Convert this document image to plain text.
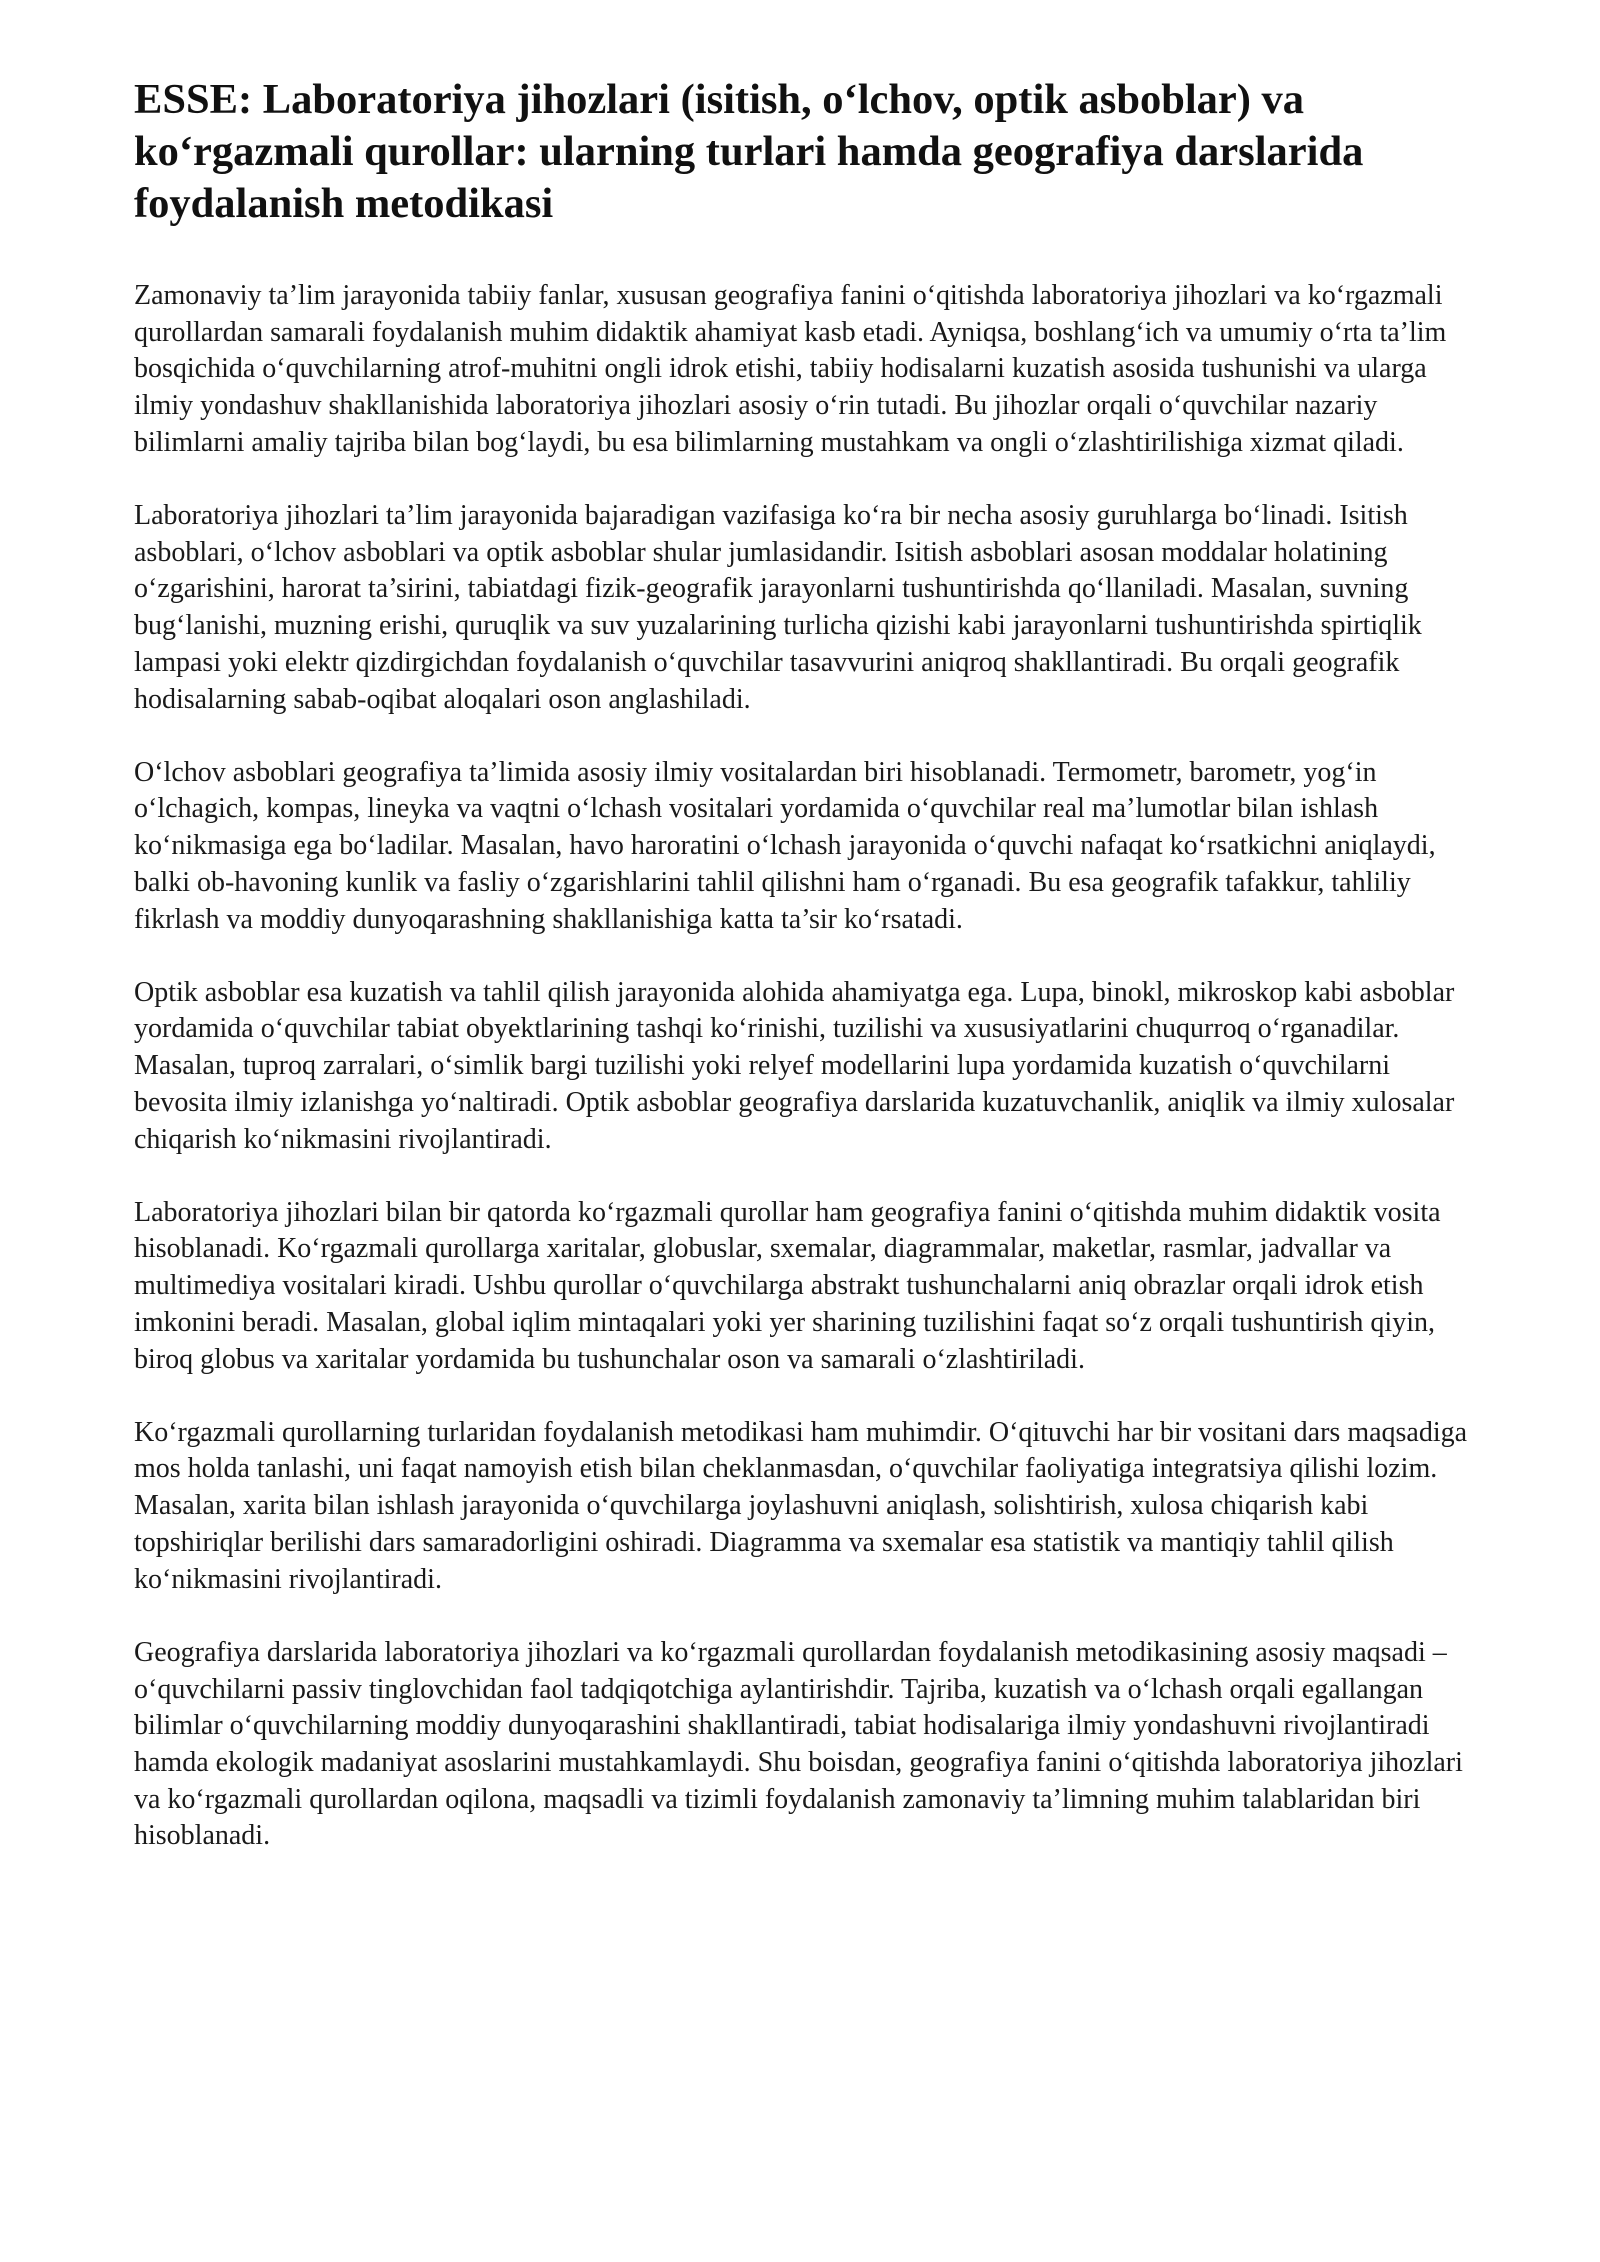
ESSE: Laboratoriya jihozlari (isitish, o‘lchov, optik asboblar) va ko‘rgazmali qurollar: ularning turlari hamda geografiya darslarida foydalanish metodikasi

Zamonaviy ta’lim jarayonida tabiiy fanlar, xususan geografiya fanini o‘qitishda laboratoriya jihozlari va ko‘rgazmali qurollardan samarali foydalanish muhim didaktik ahamiyat kasb etadi. Ayniqsa, boshlang‘ich va umumiy o‘rta ta’lim bosqichida o‘quvchilarning atrof-muhitni ongli idrok etishi, tabiiy hodisalarni kuzatish asosida tushunishi va ularga ilmiy yondashuv shakllanishida laboratoriya jihozlari asosiy o‘rin tutadi. Bu jihozlar orqali o‘quvchilar nazariy bilimlarni amaliy tajriba bilan bog‘laydi, bu esa bilimlarning mustahkam va ongli o‘zlashtirilishiga xizmat qiladi.

Laboratoriya jihozlari ta’lim jarayonida bajaradigan vazifasiga ko‘ra bir necha asosiy guruhlarga bo‘linadi. Isitish asboblari, o‘lchov asboblari va optik asboblar shular jumlasidandir. Isitish asboblari asosan moddalar holatining o‘zgarishini, harorat ta’sirini, tabiatdagi fizik-geografik jarayonlarni tushuntirishda qo‘llaniladi. Masalan, suvning bug‘lanishi, muzning erishi, quruqlik va suv yuzalarining turlicha qizishi kabi jarayonlarni tushuntirishda spirtiqlik lampasi yoki elektr qizdirgichdan foydalanish o‘quvchilar tasavvurini aniqroq shakllantiradi. Bu orqali geografik hodisalarning sabab-oqibat aloqalari oson anglashiladi.

O‘lchov asboblari geografiya ta’limida asosiy ilmiy vositalardan biri hisoblanadi. Termometr, barometr, yog‘in o‘lchagich, kompas, lineyka va vaqtni o‘lchash vositalari yordamida o‘quvchilar real ma’lumotlar bilan ishlash ko‘nikmasiga ega bo‘ladilar. Masalan, havo haroratini o‘lchash jarayonida o‘quvchi nafaqat ko‘rsatkichni aniqlaydi, balki ob-havoning kunlik va fasliy o‘zgarishlarini tahlil qilishni ham o‘rganadi. Bu esa geografik tafakkur, tahliliy fikrlash va moddiy dunyoqarashning shakllanishiga katta ta’sir ko‘rsatadi.

Optik asboblar esa kuzatish va tahlil qilish jarayonida alohida ahamiyatga ega. Lupa, binokl, mikroskop kabi asboblar yordamida o‘quvchilar tabiat obyektlarining tashqi ko‘rinishi, tuzilishi va xususiyatlarini chuqurroq o‘rganadilar. Masalan, tuproq zarralari, o‘simlik bargi tuzilishi yoki relyef modellarini lupa yordamida kuzatish o‘quvchilarni bevosita ilmiy izlanishga yo‘naltiradi. Optik asboblar geografiya darslarida kuzatuvchanlik, aniqlik va ilmiy xulosalar chiqarish ko‘nikmasini rivojlantiradi.

Laboratoriya jihozlari bilan bir qatorda ko‘rgazmali qurollar ham geografiya fanini o‘qitishda muhim didaktik vosita hisoblanadi. Ko‘rgazmali qurollarga xaritalar, globuslar, sxemalar, diagrammalar, maketlar, rasmlar, jadvallar va multimediya vositalari kiradi. Ushbu qurollar o‘quvchilarga abstrakt tushunchalarni aniq obrazlar orqali idrok etish imkonini beradi. Masalan, global iqlim mintaqalari yoki yer sharining tuzilishini faqat so‘z orqali tushuntirish qiyin, biroq globus va xaritalar yordamida bu tushunchalar oson va samarali o‘zlashtiriladi.

Ko‘rgazmali qurollarning turlaridan foydalanish metodikasi ham muhimdir. O‘qituvchi har bir vositani dars maqsadiga mos holda tanlashi, uni faqat namoyish etish bilan cheklanmasdan, o‘quvchilar faoliyatiga integratsiya qilishi lozim. Masalan, xarita bilan ishlash jarayonida o‘quvchilarga joylashuvni aniqlash, solishtirish, xulosa chiqarish kabi topshiriqlar berilishi dars samaradorligini oshiradi. Diagramma va sxemalar esa statistik va mantiqiy tahlil qilish ko‘nikmasini rivojlantiradi.

Geografiya darslarida laboratoriya jihozlari va ko‘rgazmali qurollardan foydalanish metodikasining asosiy maqsadi – o‘quvchilarni passiv tinglovchidan faol tadqiqotchiga aylantirishdir. Tajriba, kuzatish va o‘lchash orqali egallangan bilimlar o‘quvchilarning moddiy dunyoqarashini shakllantiradi, tabiat hodisalariga ilmiy yondashuvni rivojlantiradi hamda ekologik madaniyat asoslarini mustahkamlaydi. Shu boisdan, geografiya fanini o‘qitishda laboratoriya jihozlari va ko‘rgazmali qurollardan oqilona, maqsadli va tizimli foydalanish zamonaviy ta’limning muhim talablaridan biri hisoblanadi.
